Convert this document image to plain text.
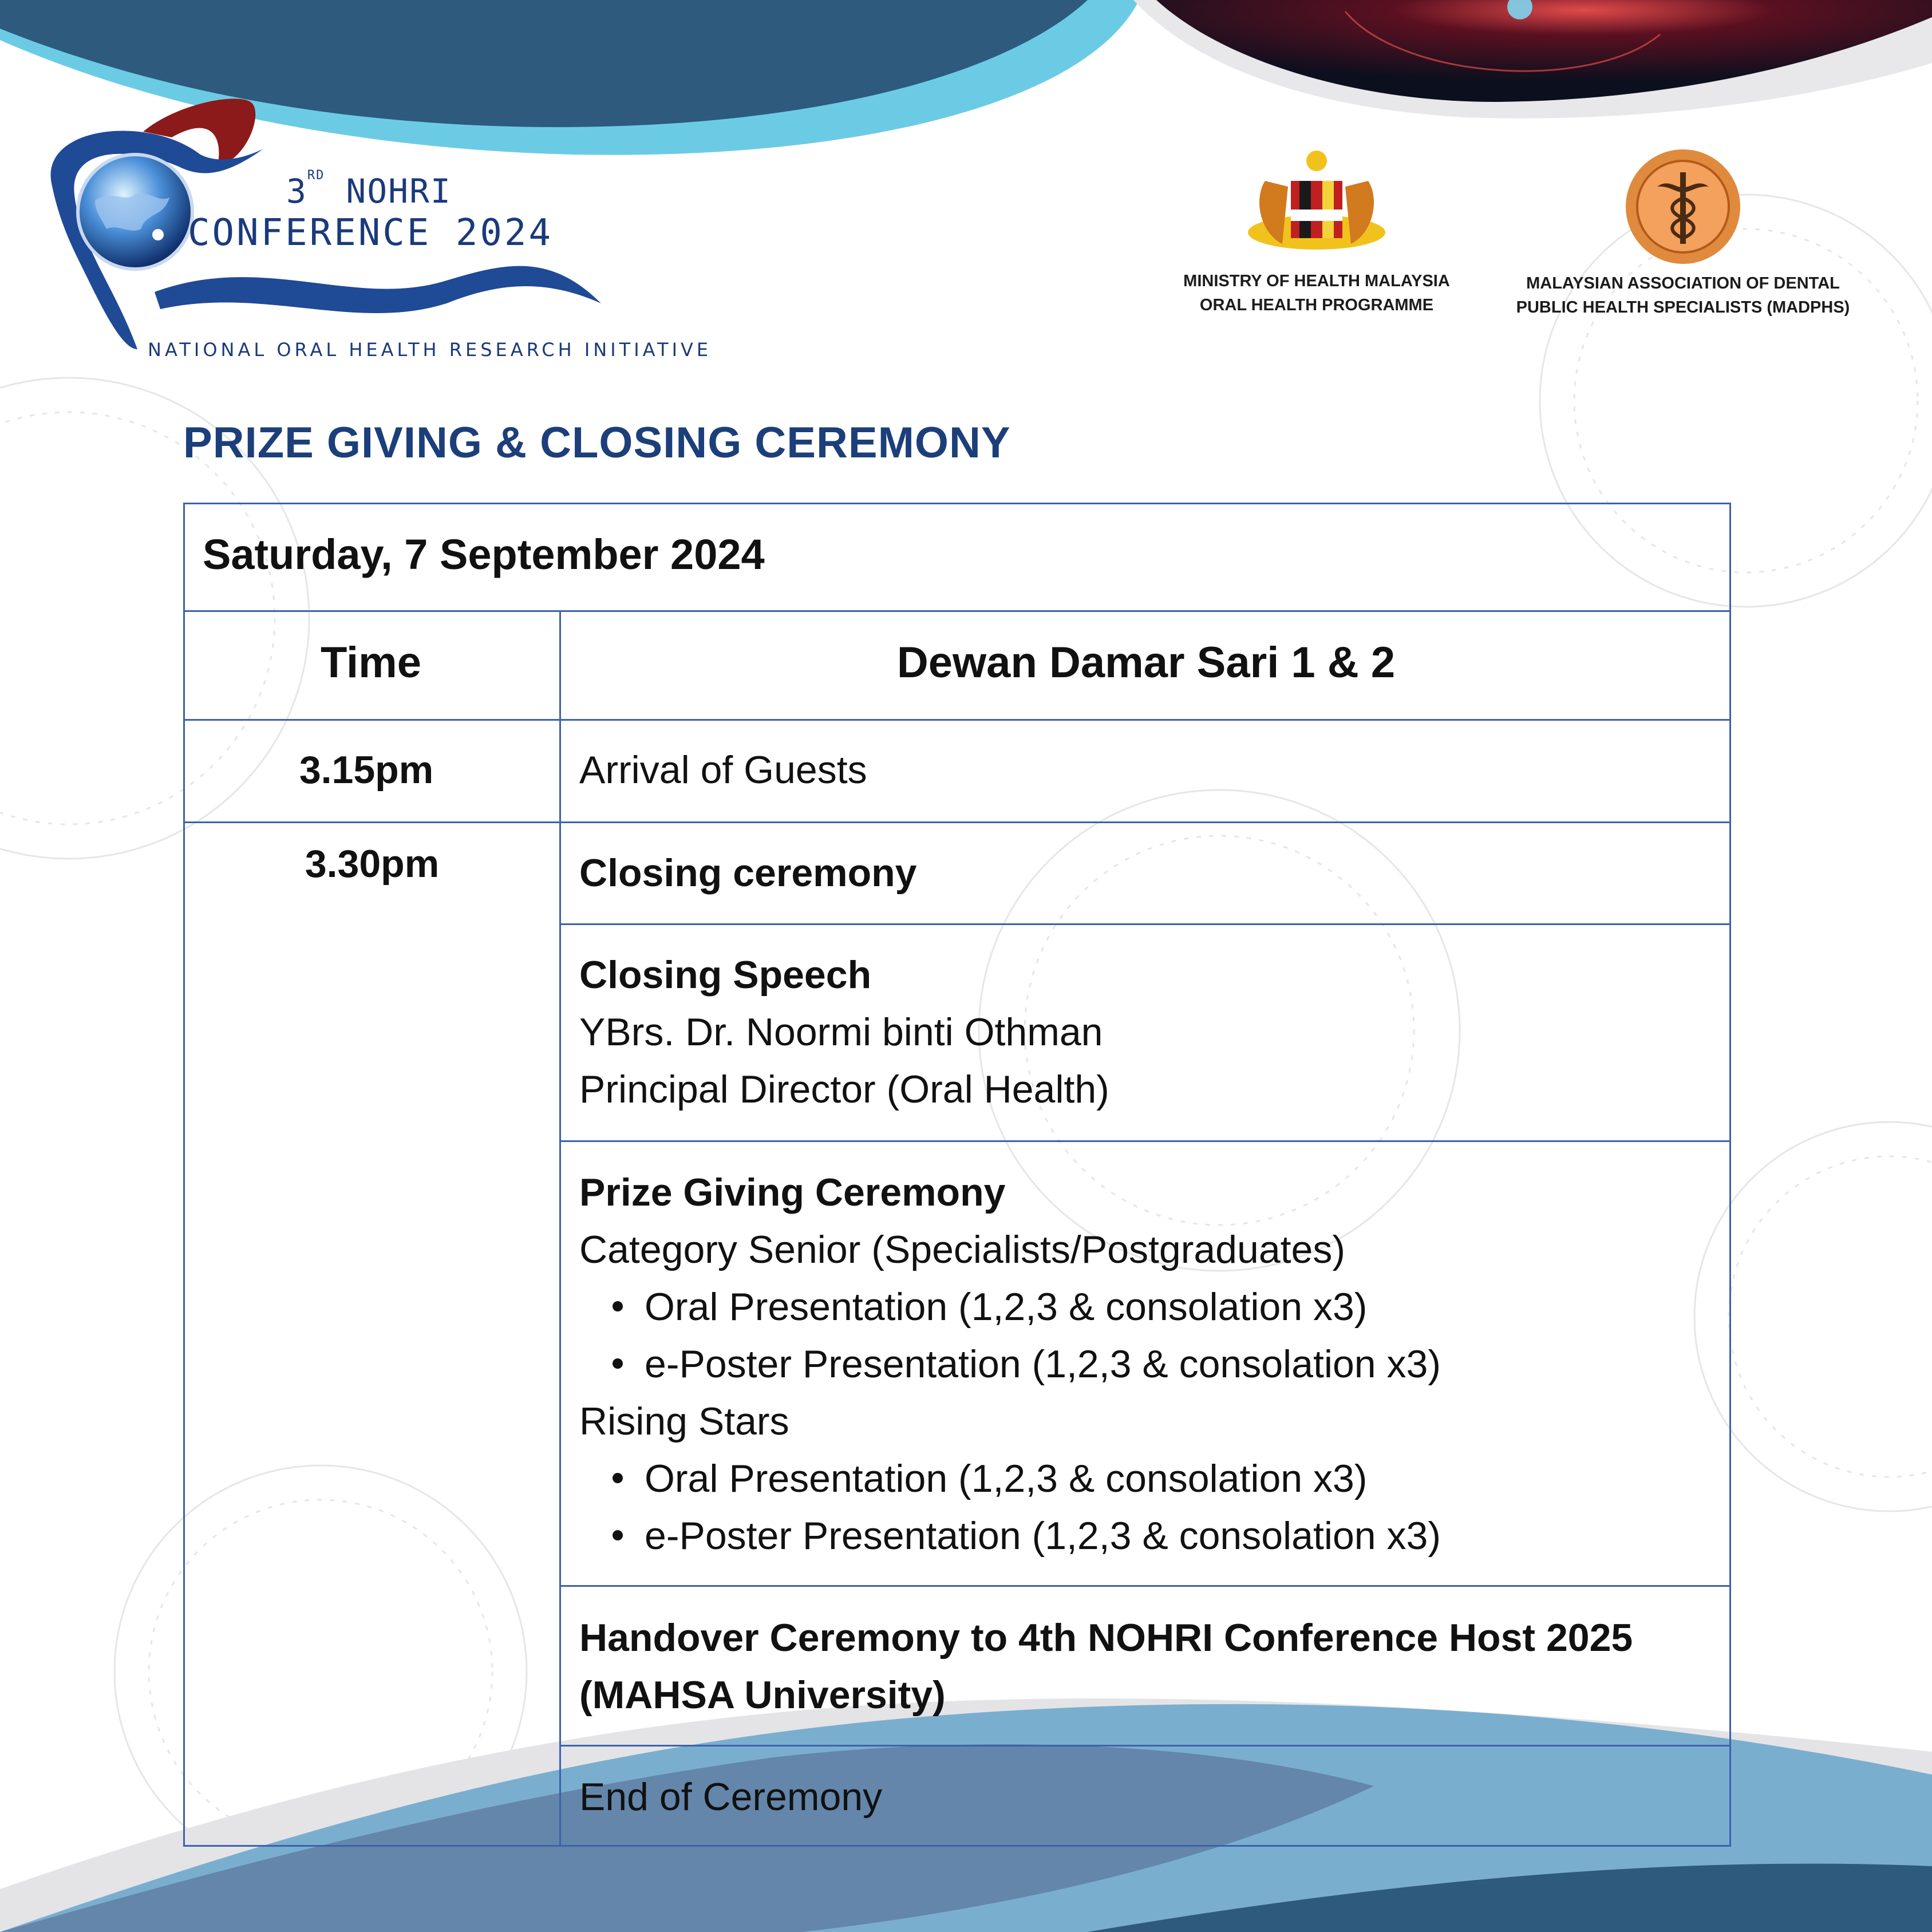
3RD NOHRI
CONFERENCE 2024
NATIONAL ORAL HEALTH RESEARCH INITIATIVE
MINISTRY OF HEALTH MALAYSIA
ORAL HEALTH PROGRAMME
MALAYSIAN ASSOCIATION OF DENTAL
PUBLIC HEALTH SPECIALISTS (MADPHS)
PRIZE GIVING & CLOSING CEREMONY
Saturday, 7 September 2024
Time	Dewan Damar Sari 1 & 2
3.15pm	Arrival of Guests
3.30pm	Closing ceremony
Closing Speech
YBrs. Dr. Noormi binti Othman
Principal Director (Oral Health)
Prize Giving Ceremony
Category Senior (Specialists/Postgraduates)
Oral Presentation (1,2,3 & consolation x3)
e-Poster Presentation (1,2,3 & consolation x3)
Rising Stars
Oral Presentation (1,2,3 & consolation x3)
e-Poster Presentation (1,2,3 & consolation x3)
Handover Ceremony to 4th NOHRI Conference Host 2025
(MAHSA University)
End of Ceremony
